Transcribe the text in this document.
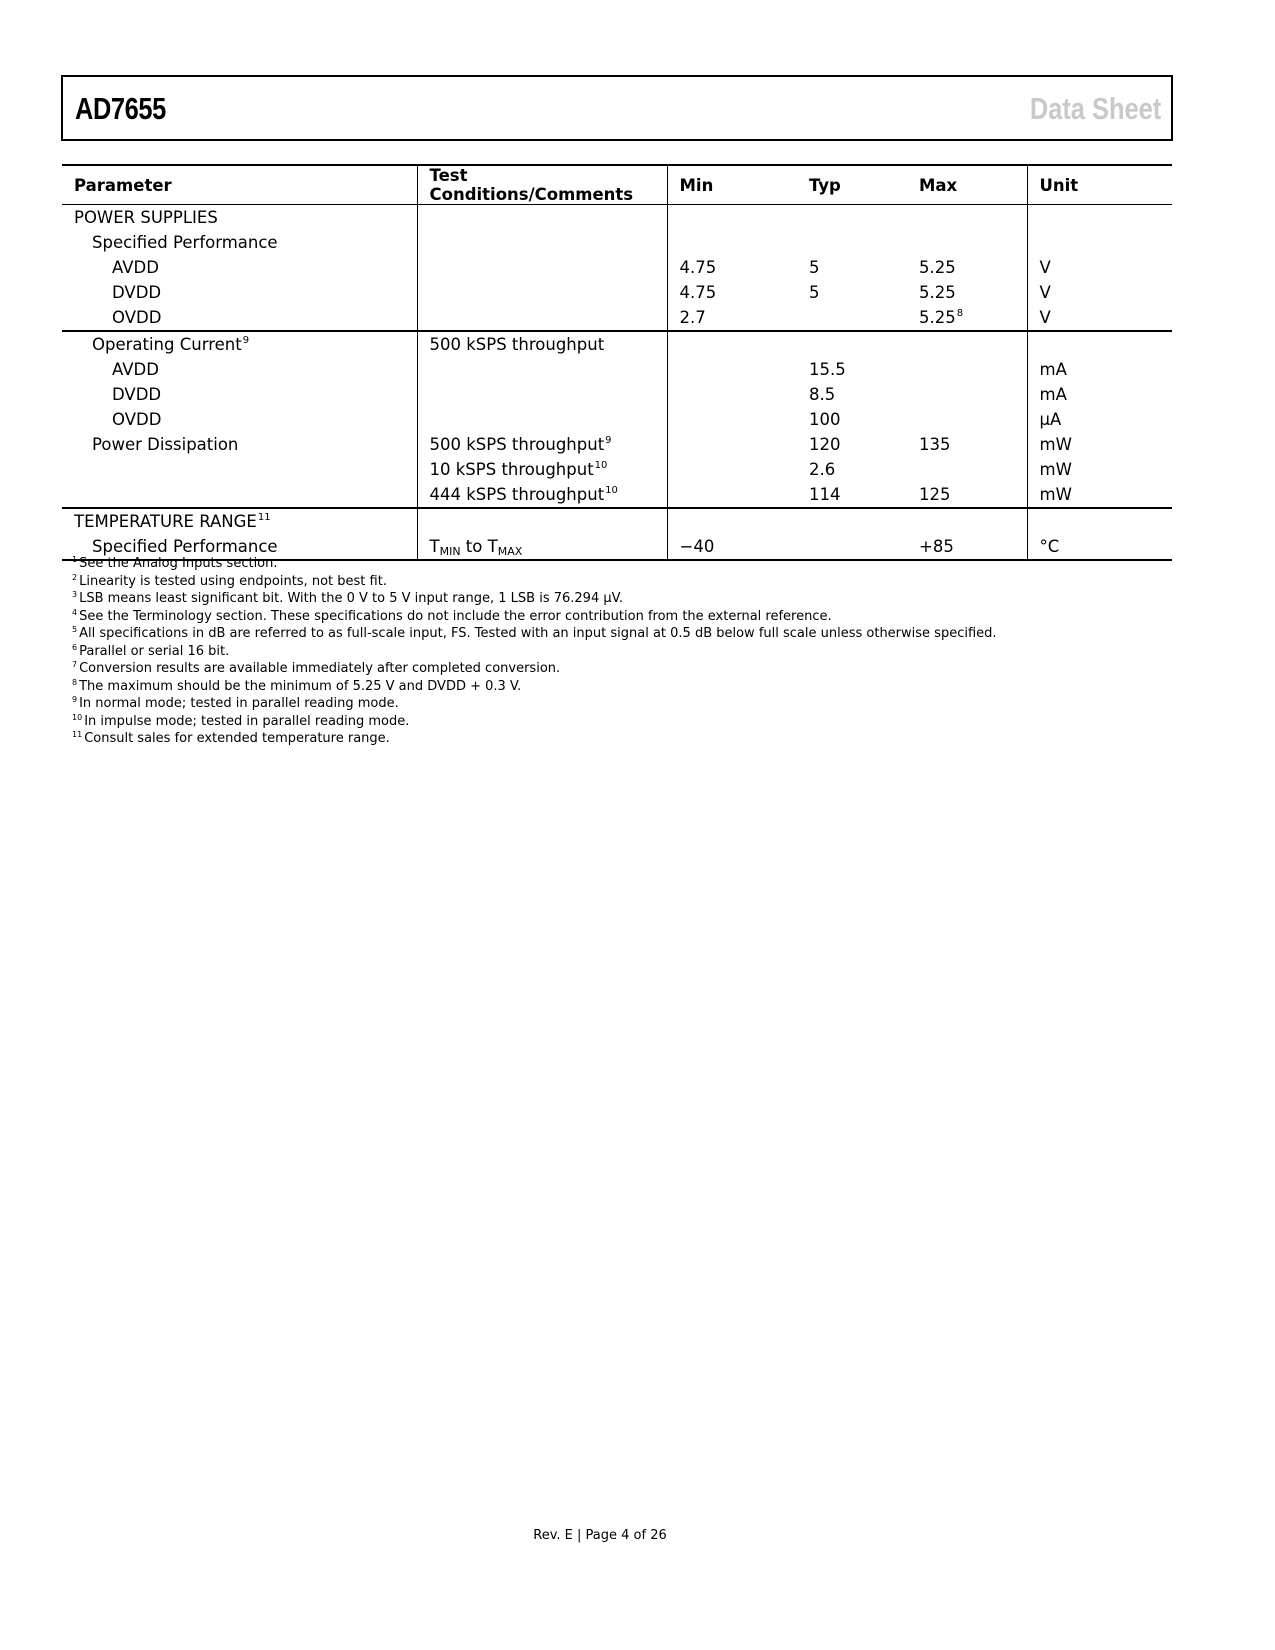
AD7655	Data Sheet
Parameter	Test Conditions/Comments	Min	Typ	Max	Unit
POWER SUPPLIES					
Specified Performance					
AVDD		4.75	5	5.25	V
DVDD		4.75	5	5.25	V
OVDD		2.7		5.25$^8$	V
Operating Current$^9$	500 kSPS throughput				
AVDD			15.5		mA
DVDD			8.5		mA
OVDD			100		µA
Power Dissipation	500 kSPS throughput$^9$		120	135	mW
	10 kSPS throughput$^{10}$		2.6		mW
	444 kSPS throughput$^{10}$		114	125	mW
TEMPERATURE RANGE$^{11}$					
Specified Performance	$T_{MIN}$ to $T_{MAX}$	−40		+85	°C
$^1$ See the Analog Inputs section.
$^2$ Linearity is tested using endpoints, not best fit.
$^3$ LSB means least significant bit. With the 0 V to 5 V input range, 1 LSB is 76.294 µV.
$^4$ See the Terminology section. These specifications do not include the error contribution from the external reference.
$^5$ All specifications in dB are referred to as full-scale input, FS. Tested with an input signal at 0.5 dB below full scale unless otherwise specified.
$^6$ Parallel or serial 16 bit.
$^7$ Conversion results are available immediately after completed conversion.
$^8$ The maximum should be the minimum of 5.25 V and DVDD + 0.3 V.
$^9$ In normal mode; tested in parallel reading mode.
$^{10}$ In impulse mode; tested in parallel reading mode.
$^{11}$ Consult sales for extended temperature range.
Rev. E | Page 4 of 26
